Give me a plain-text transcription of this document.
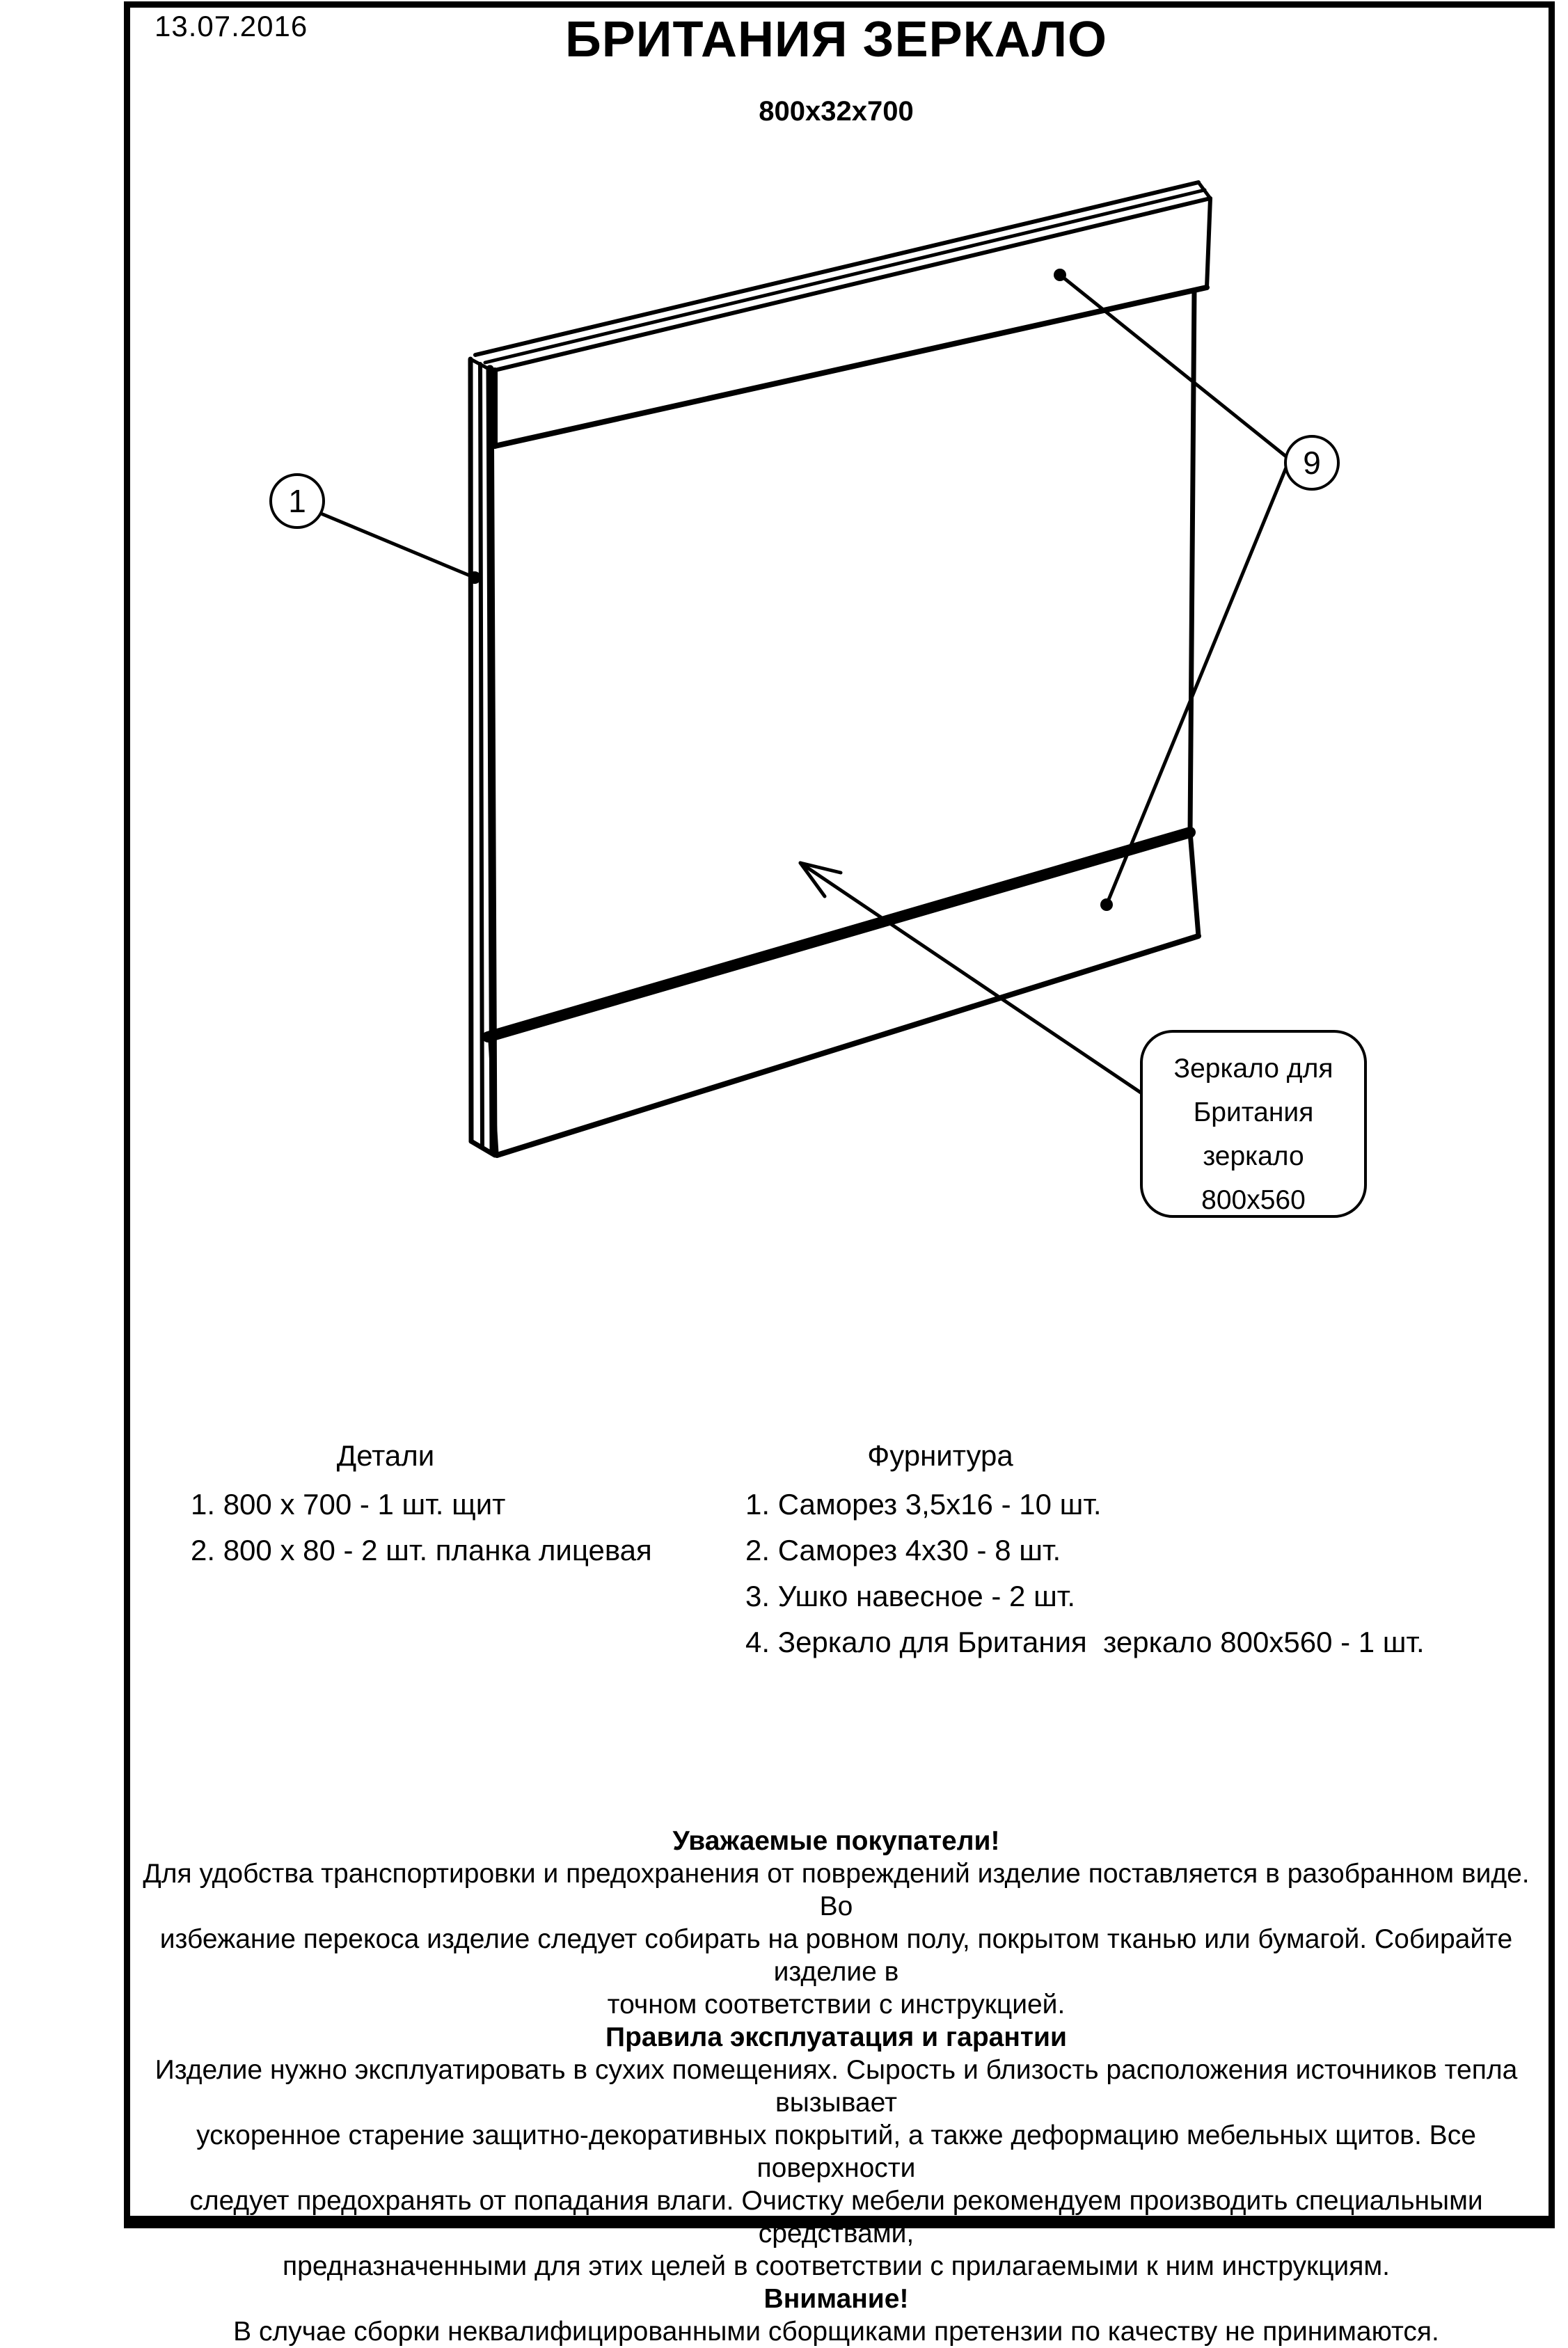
13.07.2016	БРИТАНИЯ ЗЕРКАЛО
800х32х700
1
9
Зеркало для
Британия
зеркало
800х560
Детали
1. 800 х 700 - 1 шт. щит
2. 800 х 80 - 2 шт. планка лицевая
Фурнитура
1. Саморез 3,5х16 - 10 шт.
2. Саморез 4х30 - 8 шт.
3. Ушко навесное - 2 шт.
4. Зеркало для Британия  зеркало 800х560 - 1 шт.
Уважаемые покупатели!
Для удобства транспортировки и предохранения от повреждений изделие поставляется в разобранном виде. Во
избежание перекоса изделие следует собирать на ровном полу, покрытом тканью или бумагой. Собирайте изделие в
точном соответствии с инструкцией.
Правила эксплуатация и гарантии
Изделие нужно эксплуатировать в сухих помещениях. Сырость и близость расположения источников тепла вызывает
ускоренное старение защитно-декоративных покрытий, а также деформацию мебельных щитов. Все поверхности
следует предохранять от попадания влаги. Очистку мебели рекомендуем производить специальными средствами,
предназначенными для этих целей в соответствии с прилагаемыми к ним инструкциям.
Внимание!
В случае сборки неквалифицированными сборщиками претензии по качеству не принимаются.
